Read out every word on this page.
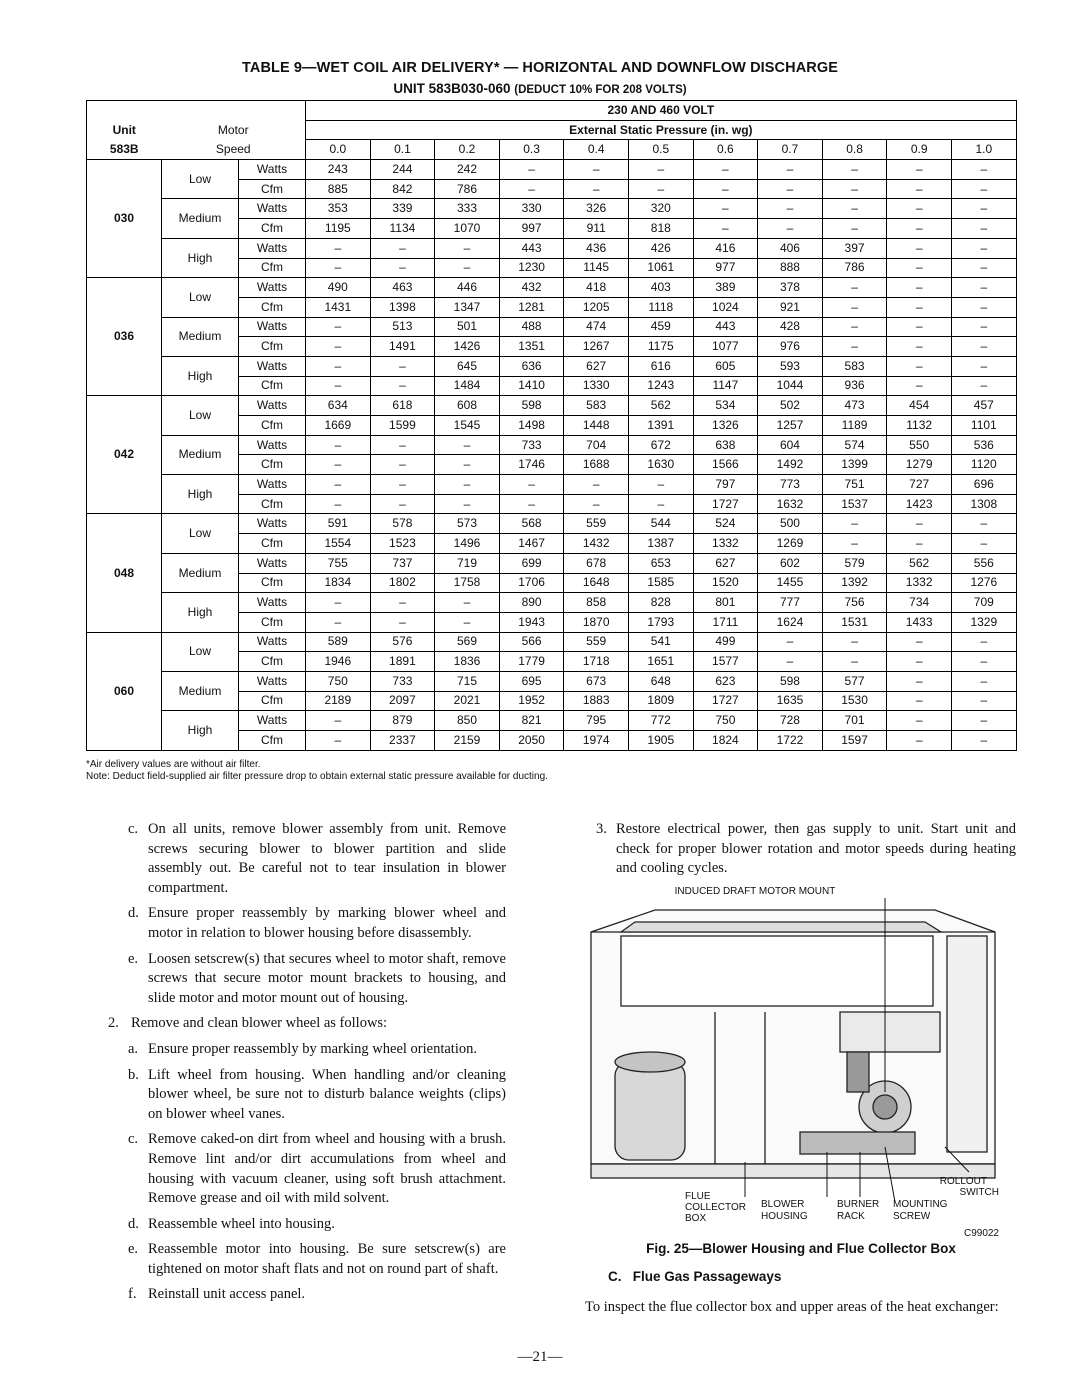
TABLE 9—WET COIL AIR DELIVERY* — HORIZONTAL AND DOWNFLOW DISCHARGE
UNIT 583B030-060 (DEDUCT 10% FOR 208 VOLTS)
			230 AND 460 VOLT										
Unit	Motor		External Static Pressure (in. wg)										
583B	Speed		0.0	0.1	0.2	0.3	0.4	0.5	0.6	0.7	0.8	0.9	1.0
030	Low	Watts	243	244	242	–	–	–	–	–	–	–	–
		Cfm	885	842	786	–	–	–	–	–	–	–	–
	Medium	Watts	353	339	333	330	326	320	–	–	–	–	–
		Cfm	1195	1134	1070	997	911	818	–	–	–	–	–
	High	Watts	–	–	–	443	436	426	416	406	397	–	–
		Cfm	–	–	–	1230	1145	1061	977	888	786	–	–
036	Low	Watts	490	463	446	432	418	403	389	378	–	–	–
		Cfm	1431	1398	1347	1281	1205	1118	1024	921	–	–	–
	Medium	Watts	–	513	501	488	474	459	443	428	–	–	–
		Cfm	–	1491	1426	1351	1267	1175	1077	976	–	–	–
	High	Watts	–	–	645	636	627	616	605	593	583	–	–
		Cfm	–	–	1484	1410	1330	1243	1147	1044	936	–	–
042	Low	Watts	634	618	608	598	583	562	534	502	473	454	457
		Cfm	1669	1599	1545	1498	1448	1391	1326	1257	1189	1132	1101
	Medium	Watts	–	–	–	733	704	672	638	604	574	550	536
		Cfm	–	–	–	1746	1688	1630	1566	1492	1399	1279	1120
	High	Watts	–	–	–	–	–	–	797	773	751	727	696
		Cfm	–	–	–	–	–	–	1727	1632	1537	1423	1308
048	Low	Watts	591	578	573	568	559	544	524	500	–	–	–
		Cfm	1554	1523	1496	1467	1432	1387	1332	1269	–	–	–
	Medium	Watts	755	737	719	699	678	653	627	602	579	562	556
		Cfm	1834	1802	1758	1706	1648	1585	1520	1455	1392	1332	1276
	High	Watts	–	–	–	890	858	828	801	777	756	734	709
		Cfm	–	–	–	1943	1870	1793	1711	1624	1531	1433	1329
060	Low	Watts	589	576	569	566	559	541	499	–	–	–	–
		Cfm	1946	1891	1836	1779	1718	1651	1577	–	–	–	–
	Medium	Watts	750	733	715	695	673	648	623	598	577	–	–
		Cfm	2189	2097	2021	1952	1883	1809	1727	1635	1530	–	–
	High	Watts	–	879	850	821	795	772	750	728	701	–	–
		Cfm	–	2337	2159	2050	1974	1905	1824	1722	1597	–	–
*Air delivery values are without air filter.
Note: Deduct field-supplied air filter pressure drop to obtain external static pressure available for ducting.
c. On all units, remove blower assembly from unit. Remove screws securing blower to blower partition and slide assembly out. Be careful not to tear insulation in blower compartment.
d. Ensure proper reassembly by marking blower wheel and motor in relation to blower housing before disassembly.
e. Loosen setscrew(s) that secures wheel to motor shaft, remove screws that secure motor mount brackets to housing, and slide motor and motor mount out of housing.
2. Remove and clean blower wheel as follows:
a. Ensure proper reassembly by marking wheel orientation.
b. Lift wheel from housing. When handling and/or cleaning blower wheel, be sure not to disturb balance weights (clips) on blower wheel vanes.
c. Remove caked-on dirt from wheel and housing with a brush. Remove lint and/or dirt accumulations from wheel and housing with vacuum cleaner, using soft brush attachment. Remove grease and oil with mild solvent.
d. Reassemble wheel into housing.
e. Reassemble motor into housing. Be sure setscrew(s) are tightened on motor shaft flats and not on round part of shaft.
f. Reinstall unit access panel.
3. Restore electrical power, then gas supply to unit. Start unit and check for proper blower rotation and motor speeds during heating and cooling cycles.
INDUCED DRAFT MOTOR MOUNT
ROLLOUT
SWITCH
FLUE
COLLECTOR
BOX
BLOWER
HOUSING
BURNER
RACK
MOUNTING
SCREW
C99022
Fig. 25—Blower Housing and Flue Collector Box
C.   Flue Gas Passageways
To inspect the flue collector box and upper areas of the heat exchanger:
—21—
